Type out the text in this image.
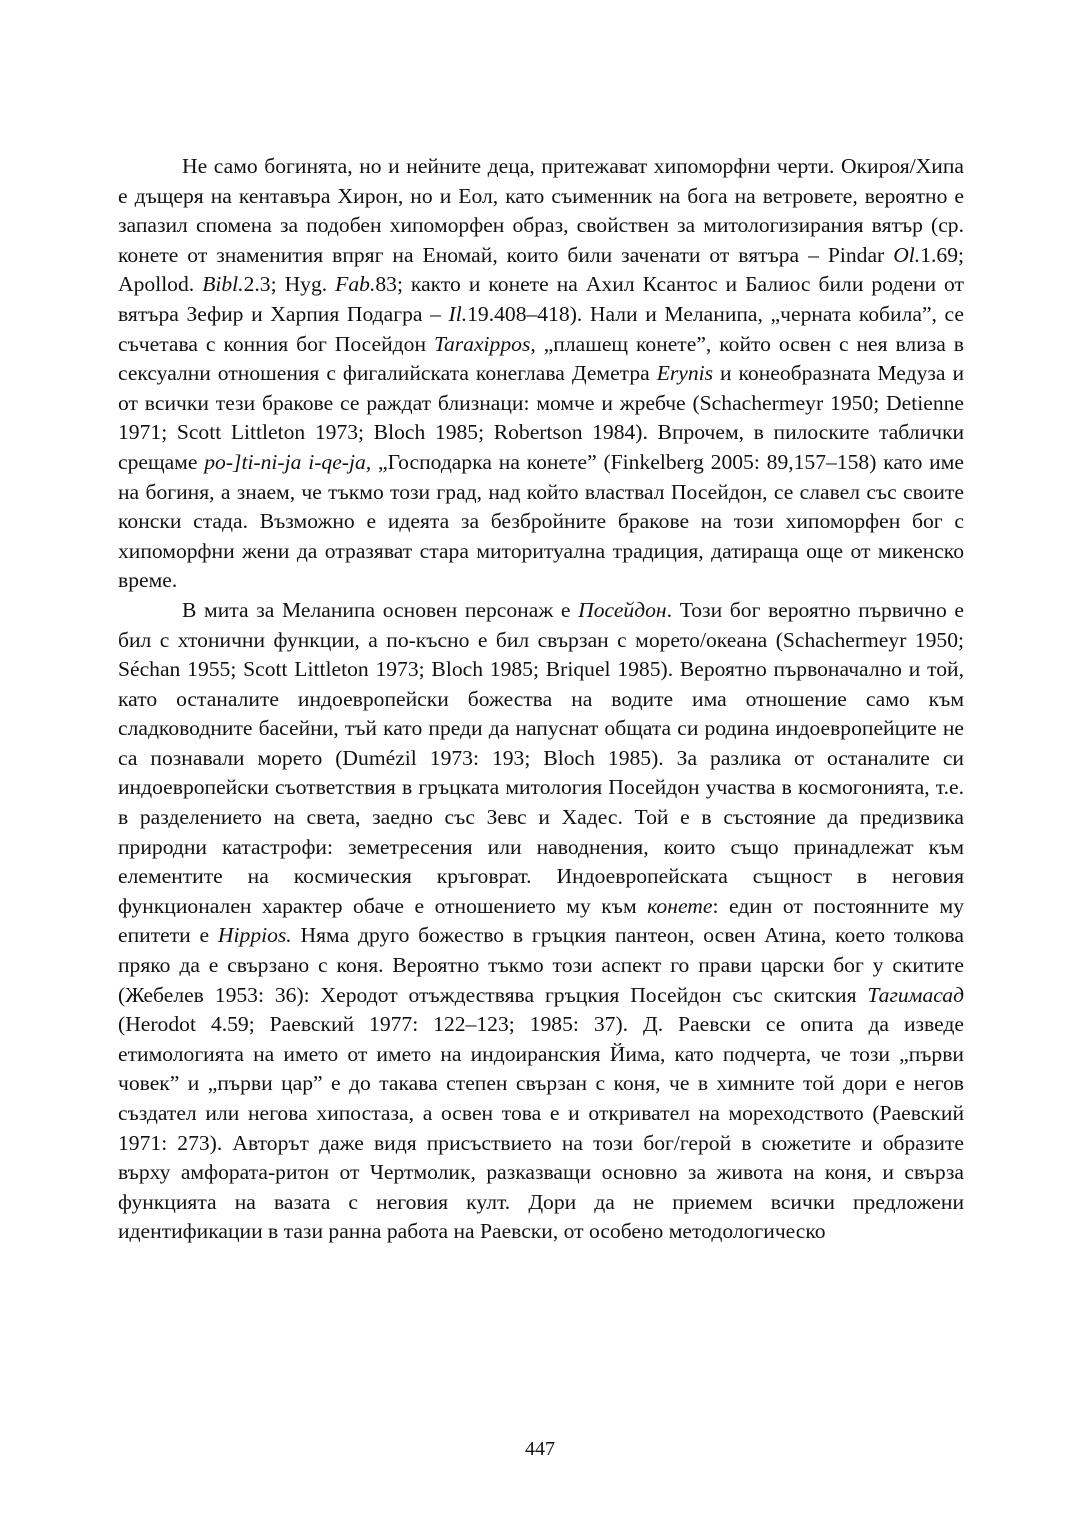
Не само богинята, но и нейните деца, притежават хипоморфни черти. Окироя/Хипа е дъщеря на кентавъра Хирон, но и Еол, като съименник на бога на ветровете, вероятно е запазил спомена за подобен хипоморфен образ, свойствен за митологизирания вятър (ср. конете от знаменития впряг на Еномай, които били заченати от вятъра – Pindar Ol.1.69; Apollod. Bibl.2.3; Hyg. Fab.83; както и конете на Ахил Ксантос и Балиос били родени от вятъра Зефир и Харпия Подагра – Il.19.408–418). Нали и Меланипа, „черната кобила”, се съчетава с конния бог Посейдон Taraxippos, „плашещ конете”, който освен с нея влиза в сексуални отношения с фигалийската конеглава Деметра Erynis и конеобразната Медуза и от всички тези бракове се раждат близнаци: момче и жребче (Schachermeyr 1950; Detienne 1971; Scott Littleton 1973; Bloch 1985; Robertson 1984). Впрочем, в пилоските таблички срещаме po-]ti-ni-ja i-qe-ja, „Господарка на конете” (Finkelberg 2005: 89,157–158) като име на богиня, а знаем, че тъкмо този град, над който властвал Посейдон, се славел със своите конски стада. Възможно е идеята за безбройните бракове на този хипоморфен бог с хипоморфни жени да отразяват стара миторитуална традиция, датираща още от микенско време.

В мита за Меланипа основен персонаж е Посейдон. Този бог вероятно първично е бил с хтонични функции, а по-късно е бил свързан с морето/океана (Schachermeyr 1950; Séchan 1955; Scott Littleton 1973; Bloch 1985; Briquel 1985). Вероятно първоначално и той, като останалите индоевропейски божества на водите има отношение само към сладководните басейни, тъй като преди да напуснат общата си родина индоевропейците не са познавали морето (Dumézil 1973: 193; Bloch 1985). За разлика от останалите си индоевропейски съответствия в гръцката митология Посейдон участва в космогонията, т.е. в разделението на света, заедно със Зевс и Хадес. Той е в състояние да предизвика природни катастрофи: земетресения или наводнения, които също принадлежат към елементите на космическия кръговрат. Индоевропейската същност в неговия функционален характер обаче е отношението му към конете: един от постоянните му епитети е Hippios. Няма друго божество в гръцкия пантеон, освен Атина, което толкова пряко да е свързано с коня. Вероятно тъкмо този аспект го прави царски бог у скитите (Жебелев 1953: 36): Херодот отъждествява гръцкия Посейдон със скитския Тагимасад (Herodot 4.59; Раевский 1977: 122–123; 1985: 37). Д. Раевски се опита да изведе етимологията на името от името на индоиранския Йима, като подчерта, че този „първи човек” и „първи цар” е до такава степен свързан с коня, че в химните той дори е негов създател или негова хипостаза, а освен това е и откривател на мореходството (Раевский 1971: 273). Авторът даже видя присъствието на този бог/герой в сюжетите и образите върху амфората-ритон от Чертмолик, разказващи основно за живота на коня, и свърза функцията на вазата с неговия култ. Дори да не приемем всички предложени идентификации в тази ранна работа на Раевски, от особено методологическо

447
